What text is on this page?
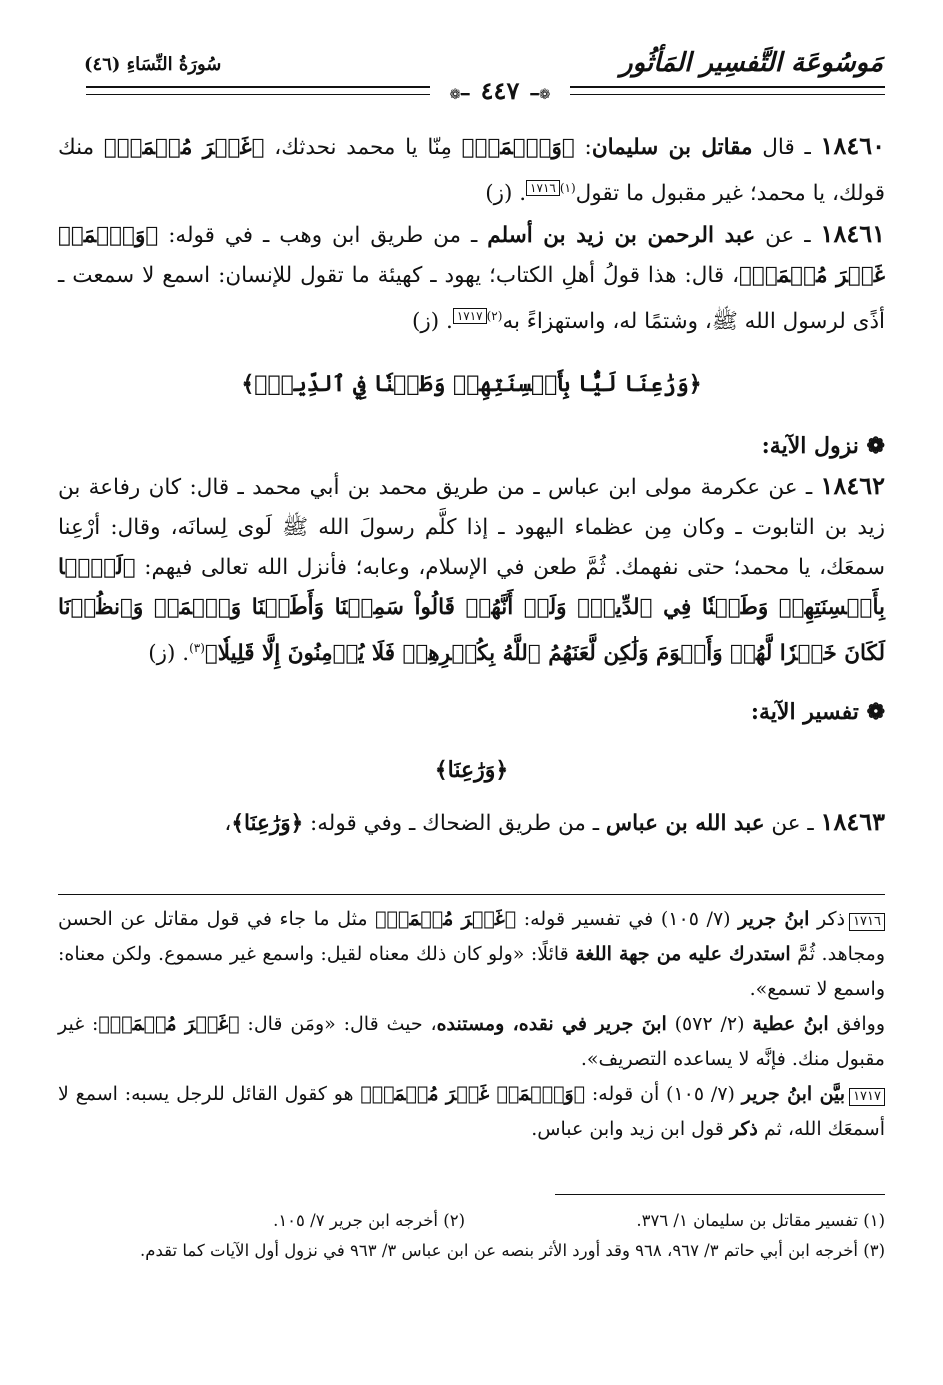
مَوسُوعَة التَّفسِير المَأثُور
سُورَةُ النِّسَاءِ (٤٦)
❁━ ٤٤٧ ━❁

١٨٤٦٠ ـ قال مقاتل بن سليمان: ﴿وَٱسۡمَعۡ﴾ مِنّا يا محمد نحدثك، ﴿غَيۡرَ مُسۡمَعٖ﴾ منك قولك، يا محمد؛ غير مقبول ما تقول$^{(١)}$١٧١٦. (ز)

١٨٤٦١ ـ عن عبد الرحمن بن زيد بن أسلم ـ من طريق ابن وهب ـ في قوله: ﴿وَٱسۡمَعۡ غَيۡرَ مُسۡمَعٖ﴾، قال: هذا قولُ أهلِ الكتاب؛ يهود ـ كهيئة ما تقول للإنسان: اسمع لا سمعت ـ أذًى لرسول الله ﷺ، وشتمًا له، واستهزاءً به$^{(٢)}$١٧١٧. (ز)

﴿وَرَٰعِنَا لَيَّۢا بِأَلۡسِنَتِهِمۡ وَطَعۡنٗا فِي ٱلدِّينِۚ﴾
❁ نزول الآية:

١٨٤٦٢ ـ عن عكرمة مولى ابن عباس ـ من طريق محمد بن أبي محمد ـ قال: كان رفاعة بن زيد بن التابوت ـ وكان مِن عظماء اليهود ـ إذا كلَّم رسولَ الله ﷺ لَوى لِسانَه، وقال: أرْعِنا سمعَك، يا محمد؛ حتى نفهمك. ثُمَّ طعن في الإسلام، وعابه؛ فأنزل الله تعالى فيهم: ﴿لَيَّۢا بِأَلۡسِنَتِهِمۡ وَطَعۡنٗا فِي ٱلدِّينِۚ وَلَوۡ أَنَّهُمۡ قَالُواْ سَمِعۡنَا وَأَطَعۡنَا وَٱسۡمَعۡ وَٱنظُرۡنَا لَكَانَ خَيۡرٗا لَّهُمۡ وَأَقۡوَمَ وَلَٰكِن لَّعَنَهُمُ ٱللَّهُ بِكُفۡرِهِمۡ فَلَا يُؤۡمِنُونَ إِلَّا قَلِيلٗا﴾$^{(٣)}$. (ز)

❁ تفسير الآية:
﴿وَرَٰعِنَا﴾

١٨٤٦٣ ـ عن عبد الله بن عباس ـ من طريق الضحاك ـ وفي قوله: ﴿وَرَٰعِنَا﴾،

١٧١٦ذكر ابنُ جرير (٧/ ١٠٥) في تفسير قوله: ﴿غَيۡرَ مُسۡمَعٖ﴾ مثل ما جاء في قول مقاتل عن الحسن ومجاهد. ثُمَّ استدرك عليه من جهة اللغة قائلًا: «ولو كان ذلك معناه لقيل: واسمع غير مسموع. ولكن معناه: واسمع لا تسمع».
ووافق ابنُ عطية (٢/ ٥٧٢) ابنَ جرير في نقده، ومستنده، حيث قال: «ومَن قال: ﴿غَيۡرَ مُسۡمَعٖ﴾: غير مقبول منك. فإنَّه لا يساعده التصريف».
١٧١٧بيَّن ابنُ جرير (٧/ ١٠٥) أن قوله: ﴿وَٱسۡمَعۡ غَيۡرَ مُسۡمَعٖ﴾ هو كقول القائل للرجل يسبه: اسمع لا أسمعَك الله، ثم ذكر قول ابن زيد وابن عباس.
(١) تفسير مقاتل بن سليمان ١/ ٣٧٦.
(٢) أخرجه ابن جرير ٧/ ١٠٥.
(٣) أخرجه ابن أبي حاتم ٣/ ٩٦٧، ٩٦٨ وقد أورد الأثر بنصه عن ابن عباس ٣/ ٩٦٣ في نزول أول الآيات كما تقدم.
